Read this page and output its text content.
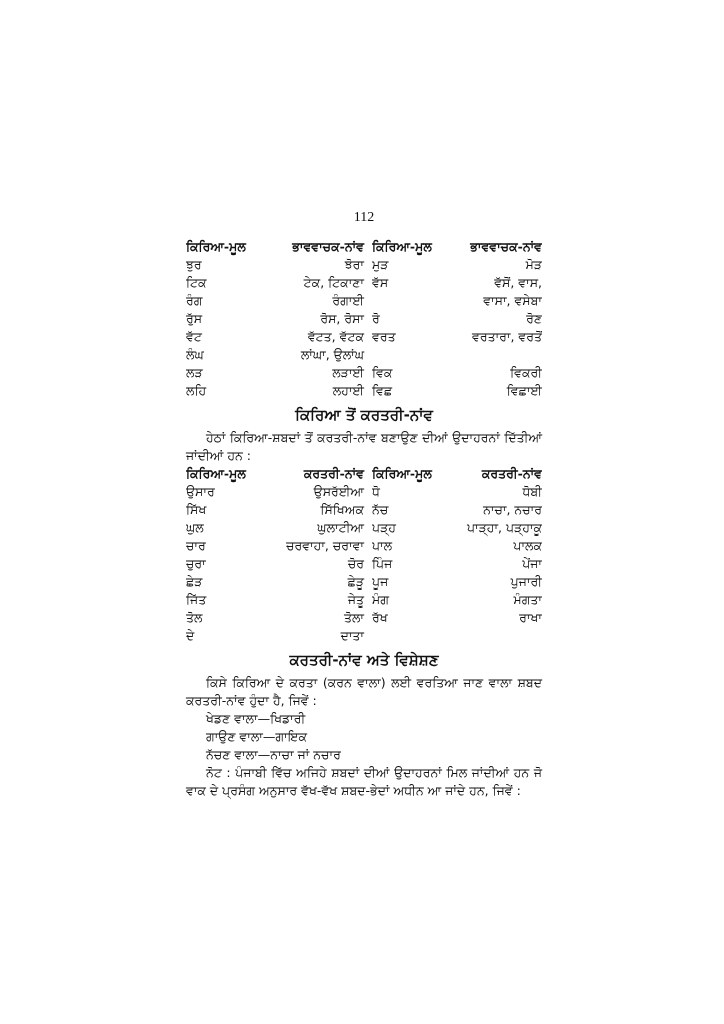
112
ਕਿਰਿਆ-ਮੂਲ	ਭਾਵਵਾਚਕ-ਨਾਂਵ	ਕਿਰਿਆ-ਮੂਲ	ਭਾਵਵਾਚਕ-ਨਾਂਵ
ਝੁਰ	ਝੋਰਾ	ਮੁੜ	ਮੋੜ
ਟਿਕ	ਟੇਕ, ਟਿਕਾਣਾ	ਵੱਸ	ਵੱਸੋਂ, ਵਾਸ,
ਰੰਗ	ਰੰਗਾਈ		ਵਾਸਾ, ਵਸੇਬਾ
ਰੁੱਸ	ਰੋਸ, ਰੋਸਾ	ਰੋ	ਰੋਣ
ਵੱਟ	ਵੱਟਤ, ਵੱਟਕ	ਵਰਤ	ਵਰਤਾਰਾ, ਵਰਤੋਂ
ਲੰਘ	ਲਾਂਘਾ, ਉਲਾਂਘ		
ਲੜ	ਲੜਾਈ	ਵਿਕ	ਵਿਕਰੀ
ਲਹਿ	ਲਹਾਈ	ਵਿਛ	ਵਿਛਾਈ
ਕਿਰਿਆ ਤੋਂ ਕਰਤਰੀ-ਨਾਂਵ

ਹੇਠਾਂ ਕਿਰਿਆ-ਸ਼ਬਦਾਂ ਤੋਂ ਕਰਤਰੀ-ਨਾਂਵ ਬਣਾਉਣ ਦੀਆਂ ਉਦਾਹਰਨਾਂ ਦਿੱਤੀਆਂ ਜਾਂਦੀਆਂ ਹਨ :

ਕਿਰਿਆ-ਮੂਲ	ਕਰਤਰੀ-ਨਾਂਵ	ਕਿਰਿਆ-ਮੂਲ	ਕਰਤਰੀ-ਨਾਂਵ
ਉਸਾਰ	ਉਸਰੱਈਆ	ਧੋ	ਧੋਬੀ
ਸਿੱਖ	ਸਿੱਖਿਅਕ	ਨੱਚ	ਨਾਚਾ, ਨਚਾਰ
ਘੁਲ	ਘੁਲਾਟੀਆ	ਪੜ੍ਹ	ਪਾੜ੍ਹਾ, ਪੜ੍ਹਾਕੂ
ਚਾਰ	ਚਰਵਾਹਾ, ਚਰਾਵਾ	ਪਾਲ	ਪਾਲਕ
ਚੁਰਾ	ਚੋਰ	ਪਿੰਜ	ਪੇਂਜਾ
ਛੇੜ	ਛੇੜੂ	ਪੂਜ	ਪੁਜਾਰੀ
ਜਿੱਤ	ਜੇਤੂ	ਮੰਗ	ਮੰਗਤਾ
ਤੋਲ	ਤੋਲਾ	ਰੱਖ	ਰਾਖਾ
ਦੇ	ਦਾਤਾ		
ਕਰਤਰੀ-ਨਾਂਵ ਅਤੇ ਵਿਸ਼ੇਸ਼ਣ

ਕਿਸੇ ਕਿਰਿਆ ਦੇ ਕਰਤਾ (ਕਰਨ ਵਾਲਾ) ਲਈ ਵਰਤਿਆ ਜਾਣ ਵਾਲਾ ਸ਼ਬਦ ਕਰਤਰੀ-ਨਾਂਵ ਹੁੰਦਾ ਹੈ, ਜਿਵੇਂ :

ਖੇਡਣ ਵਾਲਾ—ਖਿਡਾਰੀ

ਗਾਉਣ ਵਾਲਾ—ਗਾਇਕ

ਨੱਚਣ ਵਾਲਾ—ਨਾਚਾ ਜਾਂ ਨਚਾਰ

ਨੋਟ : ਪੰਜਾਬੀ ਵਿੱਚ ਅਜਿਹੇ ਸ਼ਬਦਾਂ ਦੀਆਂ ਉਦਾਹਰਨਾਂ ਮਿਲ ਜਾਂਦੀਆਂ ਹਨ ਜੋ ਵਾਕ ਦੇ ਪ੍ਰਸੰਗ ਅਨੁਸਾਰ ਵੱਖ-ਵੱਖ ਸ਼ਬਦ-ਭੇਦਾਂ ਅਧੀਨ ਆ ਜਾਂਦੇ ਹਨ, ਜਿਵੇਂ :
